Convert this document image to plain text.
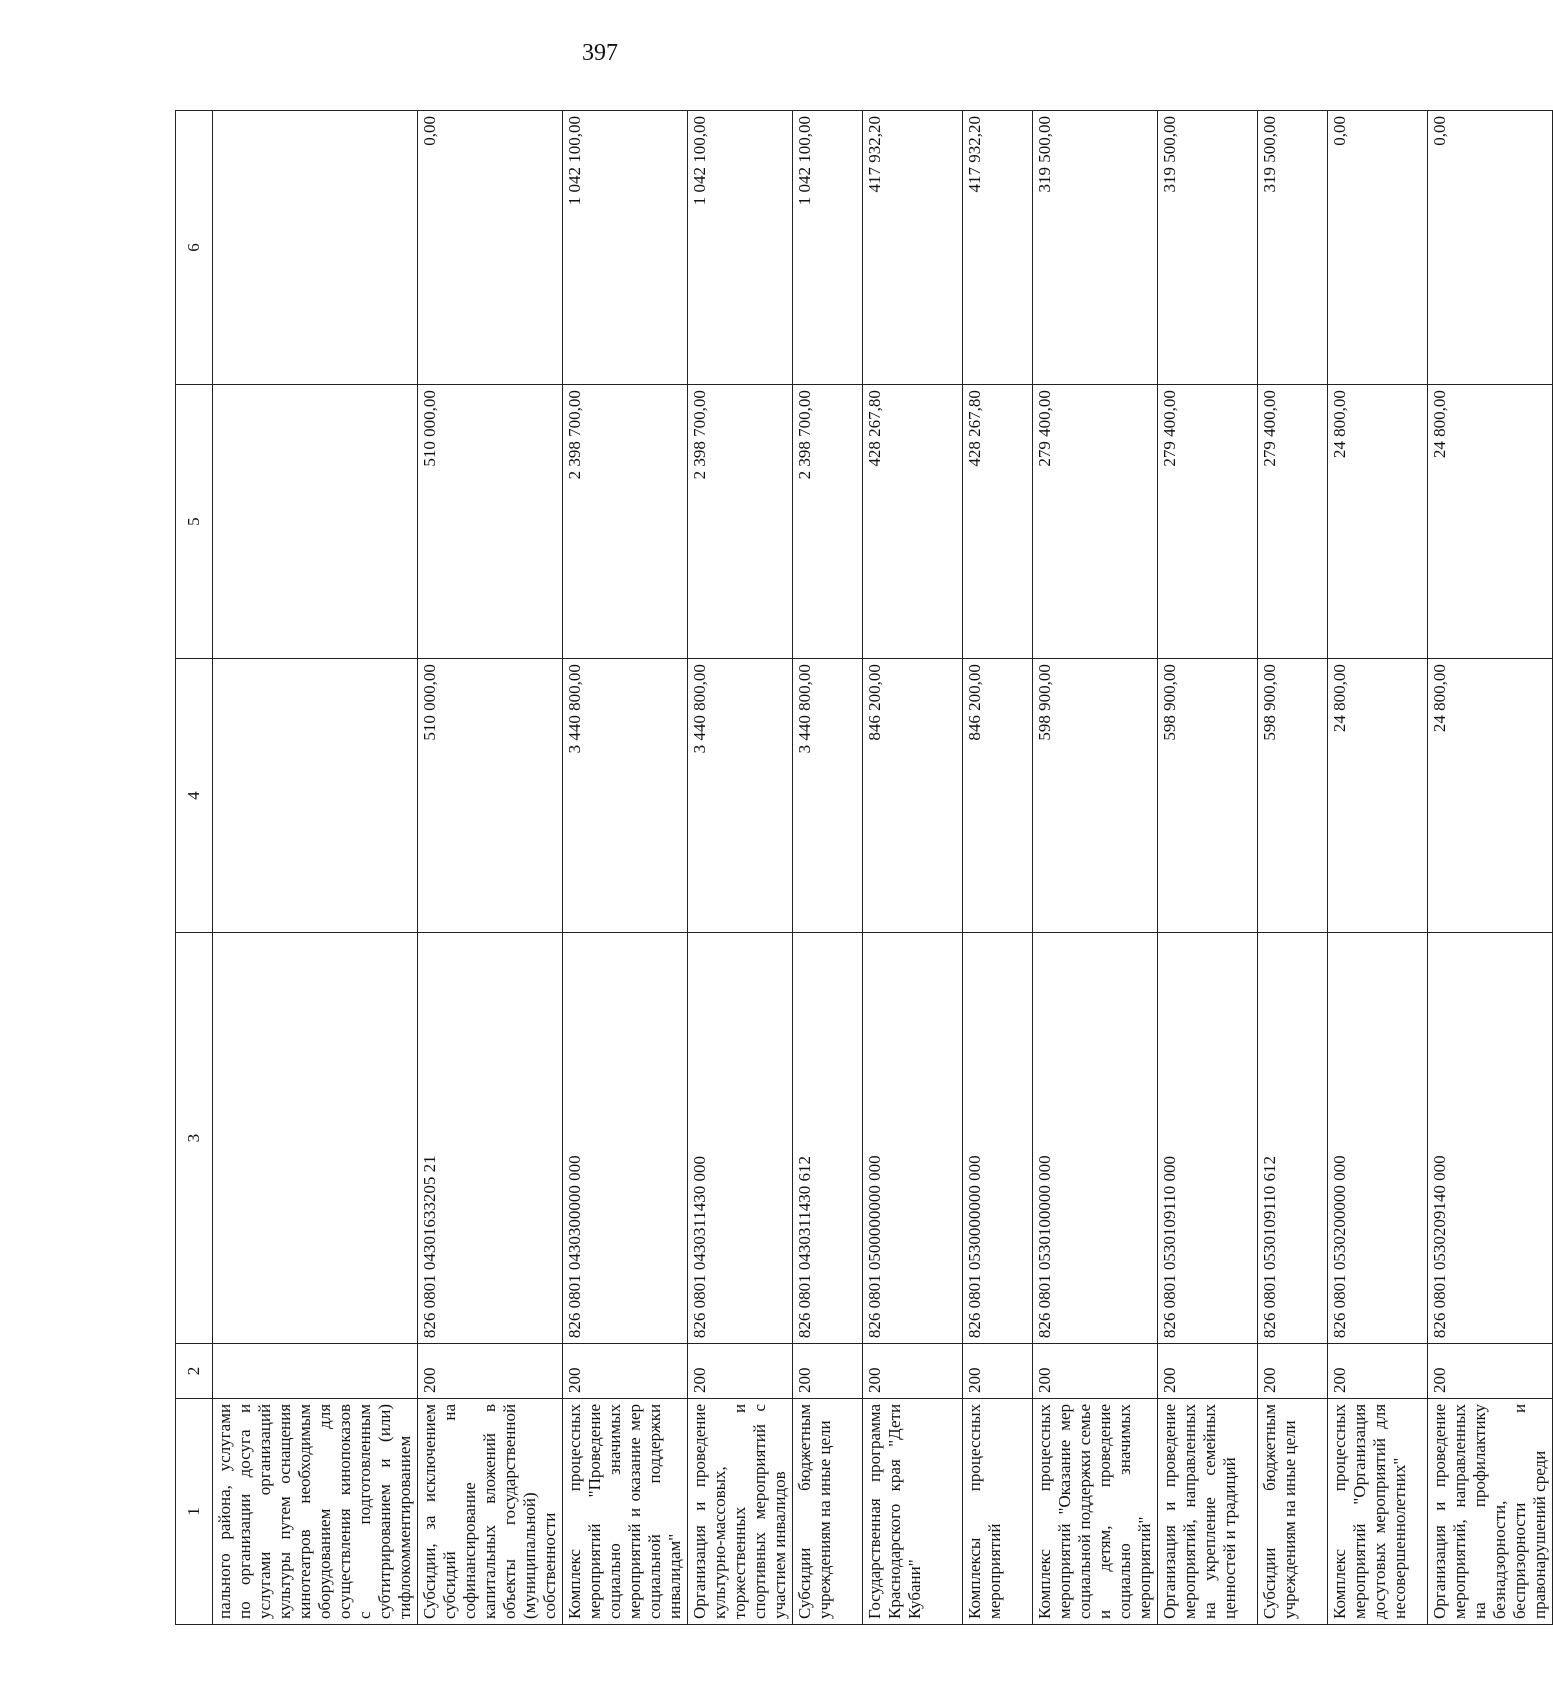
397
1	2	3	4	5	6
пального района, услугами по организации досуга и услугами организаций культуры путем оснащения кинотеатров необходимым оборудованием для осуществления кинопоказов с подготовленным субтитрированием и (или) тифлокомментированием					
Субсидии, за исключением субсидий на софинансирование капитальных вложений в объекты государственной (муниципальной) собственности	200	826 0801 04301633205 21	510 000,00	510 000,00	0,00
Комплекс процессных мероприятий "Проведение социально значимых мероприятий и оказание мер социальной поддержки инвалидам"	200	826 0801 0430300000 000	3 440 800,00	2 398 700,00	1 042 100,00
Организация и проведение культурно-массовых, торжественных и спортивных мероприятий с участием инвалидов	200	826 0801 0430311430 000	3 440 800,00	2 398 700,00	1 042 100,00
Субсидии бюджетным учреждениям на иные цели	200	826 0801 0430311430 612	3 440 800,00	2 398 700,00	1 042 100,00
Государственная программа Краснодарского края "Дети Кубани"	200	826 0801 0500000000 000	846 200,00	428 267,80	417 932,20
Комплексы процессных мероприятий	200	826 0801 0530000000 000	846 200,00	428 267,80	417 932,20
Комплекс процессных мероприятий "Оказание мер социальной поддержки семье и детям, проведение социально значимых мероприятий"	200	826 0801 0530100000 000	598 900,00	279 400,00	319 500,00
Организация и проведение мероприятий, направленных на укрепление семейных ценностей и традиций	200	826 0801 0530109110 000	598 900,00	279 400,00	319 500,00
Субсидии бюджетным учреждениям на иные цели	200	826 0801 0530109110 612	598 900,00	279 400,00	319 500,00
Комплекс процессных мероприятий "Организация досуговых мероприятий для несовершеннолетних"	200	826 0801 0530200000 000	24 800,00	24 800,00	0,00
Организация и проведение мероприятий, направленных на профилактику безнадзорности, беспризорности и правонарушений среди	200	826 0801 0530209140 000	24 800,00	24 800,00	0,00
